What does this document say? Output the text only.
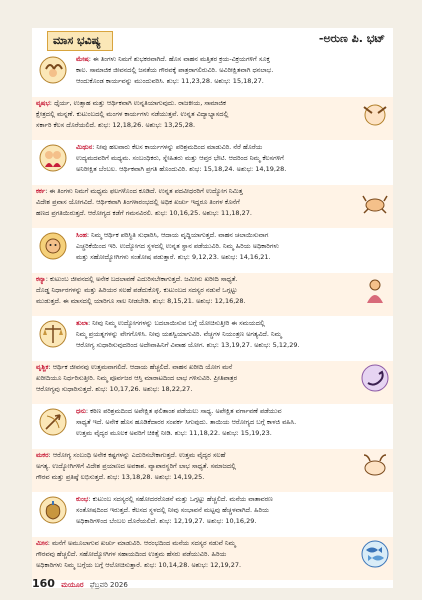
ಮಾಸ ಭವಿಷ್ಯ	-ಅರುಣ ಪಿ. ಭಟ್
ಮೇಷ: ಈ ತಿಂಗಳು ನಿಮಗೆ ಶುಭಕರವಾಗಿದೆ. ಹೊಸ ವಾಹನ ಮತ್ತಿತರ ಕ್ರಯ-ವಿಕ್ರಯಗಳಿಗೆ ಸೂಕ್ತ
ಕಾಲ. ಸಾಮಾಜಿಕ ಜೀವನದಲ್ಲಿ ಜನತೆಯ ಗೌರವಕ್ಕೆ ಪಾತ್ರರಾಗಲಿರುವಿರಿ. ಅವಿರೀಕ್ಷಿತವಾಗಿ ಧನಲಾಭ.
ಆಂದುಕೊಂಡ ಕಾರ್ಯವನ್ನು ಮುಂದುವರಿಸಿ. ಶುಭ: 11,23,28. ಅಶುಭ: 15,18,27.
ವೃಷಭ: ಧೈರ್ಯ, ಉತ್ಸಾಹ ಮತ್ತು ಆರ್ಥಿಕವಾಗಿ ಉನ್ನತಿಯಾಗುವುದು. ರಾಜಕೀಯ, ಸಾಮಾಜಿಕ
ಕ್ಷೇತ್ರದಲ್ಲಿ ಮನ್ನಣೆ. ಕುಟುಂಬದಲ್ಲಿ ಮಂಗಳ ಕಾರ್ಯಗಳು ನಡೆಯುತ್ತವೆ. ಉನ್ನತ ವಿದ್ಯಾಭ್ಯಾಸದಲ್ಲಿ
ಸರ್ಕಾರಿ ಕೆಲಸ ದೊರೆಯಲಿದೆ. ಶುಭ: 12,18,26. ಅಶುಭ: 13,25,28.
ಮಿಥುನ: ನೀವು ಹಲವಾರು ಕೆಲಸ ಕಾರ್ಯಗಳನ್ನು ಪರಿಶ್ರಮದಿಂದ ಮಾಡುವಿರಿ. ನೆರೆ ಹೊರೆಯ
ಉದ್ಯಮದವರಿಗೆ ಮಧ್ಯಮ. ಸಂಬಂಧಿಕರು, ಸ್ನೇಹಿತರು ಮತ್ತು ಆಪ್ತರ ಭೇಟಿ. ಆದರಿಂದ ನಿಮ್ಮ ಕೆಲಸಗಳಿಗೆ
ಅನಿರೀಕ್ಷಿತ ಬೆಂಬಲ. ಆರ್ಥಿಕವಾಗಿ ಪ್ರಗತಿ ಹೊಂದುವಿರಿ. ಶುಭ: 15,18,24. ಅಶುಭ: 14,19,28.
ಕರ್ಕ: ಈ ತಿಂಗಳು ನಿಮಗೆ ಮಧ್ಯಮ ಫಲಗಳೊಂದ ಕೂಡಿದೆ. ಉನ್ನತ ಪದವೀಧರರಿಗೆ ಉದ್ಯೋಗ ನಿಮಿತ್ತ
ವಿದೇಶ ಪ್ರವಾಸ ಯೋಗವಿದೆ. ಆರ್ಥಿಕವಾಗಿ ತಿಂಗಳಾರಂಭದಲ್ಲಿ ಅಧಿಕ ಖರ್ಚು ಇದ್ದರೂ ತಿಂಗಳ ಕೊನೆಗೆ
ಹಣದ ಪ್ರಗತಿಯಿರುತ್ತದೆ. ಆರೋಗ್ಯದ ಕಡೆಗೆ ಗಮನವಿರಲಿ. ಶುಭ: 10,16,25. ಅಶುಭ: 11,18,27.
ಸಿಂಹ: ನಿಮ್ಮ ಆರ್ಥಿಕ ಪರಿಸ್ಥಿತಿ ಸುಧಾರಿಸಿ, ಆದಾಯ ವೃದ್ಧಿಯಾಗುತ್ತದೆ. ವಾಹನ ಚಲಾಯಿಸುವಾಗ
ಎಚ್ಚರಿಕೆಯಿಂದ ಇರಿ. ಉದ್ಯೋಗದ ಸ್ಥಳದಲ್ಲಿ ಉನ್ನತ ಸ್ಥಾನ ಪಡೆಯುವಿರಿ. ನಿಮ್ಮ ಹಿರಿಯ ಅಧಿಕಾರಿಗಳು
ಮತ್ತು ಸಹೋದ್ಯೋಗಿಗಳು ಸಂತೋಷ ಪಡುತ್ತಾರೆ. ಶುಭ: 9,12,23. ಅಶುಭ: 14,16,21.
ಕನ್ಯಾ: ಕುಟುಂಬ ಜೀವನದಲ್ಲಿ ಅನೇಕ ಬದಲಾವಣೆ ಎದುರಿಸಬೇಕಾಗುತ್ತದೆ. ಜಮೀನು ಖರೀದಿ ಸಾಧ್ಯತೆ.
ದೊಡ್ಡ ನಿರ್ಧಾರಗಳನ್ನು ಮತ್ತು ಹಿರಿಯರ ಸಲಹೆ ಪಡೆದುಕೊಳ್ಳಿ. ಕುಟುಂಬದ ಸದಸ್ಯರ ನಡುವೆ ಒಗ್ಗಟ್ಟು
ಮುಡುತ್ತದೆ. ಈ ಮಾಸದಲ್ಲಿ ಯಾರಿಗೂ ಸಾಲ ನೀಡಬೇಡಿ. ಶುಭ: 8,15,21. ಅಶುಭ: 12,16,28.
ತುಲಾ: ನೀವು ನಿಮ್ಮ ಉದ್ಯೋಗಗಳನ್ನು ಬದಲಾಯಿಸುವ ಬಗ್ಗೆ ಯೋಚಿಸುತ್ತೀರಿ ಈ ಸಮಯದಲ್ಲಿ
ನಿಮ್ಮ ಪ್ರಯತ್ನಗಳನ್ನು ವೇಗಗೊಳಿಸಿ. ನೀವು ಯಶಸ್ವಿಯಾಗುವಿರಿ. ವೆಚ್ಚಗಳ ನಿಯಂತ್ರಣ ಅಗತ್ಯವಿದೆ. ನಿಮ್ಮ
ಆರೋಗ್ಯ ಸುಧಾರಿಸುವುದರಿಂದ ಅದೇವಾಹಿನಿಗೆ ವಿವಾಹ ಯೋಗ. ಶುಭ: 13,19,27. ಅಶುಭ: 5,12,29.
ವೃಶ್ಚಿಕ: ಆರ್ಥಿಕ ಜೀವನವು ಉತ್ತಮವಾಗಲಿದೆ. ಆದಾಯ ಹೆಚ್ಚಲಿದೆ. ವಾಹನ ಖರೀದಿ ಯೋಗ ಮನೆ
ಖರೀದಿಯೂ ನಿರ್ಧರಿಸುತ್ತೀರಿ. ನಿಮ್ಮ ಪೂರ್ವಜರ ಆಸ್ತಿ ಮಾರಾಟದಿಂದ ಲಾಭ ಗಳಿಸುವಿರಿ. ಪ್ರೀತಿಪಾತ್ರರ
ಆರೋಗ್ಯವು ಸುಧಾರಿಸುತ್ತದೆ. ಶುಭ: 10,17,26. ಅಶುಭ: 18,22,27.
ಧನು: ಕಠಿಣ ಪರಿಶ್ರಮದಿಂದ ಅಪೇಕ್ಷಿತ ಫಲಿತಾಂಶ ಪಡೆಯಲು ಸಾಧ್ಯ. ಅಪೇಕ್ಷಿತ ವರ್ಗಾವಣೆ ಪಡೆಯುವ
ಸಾಧ್ಯತೆ ಇದೆ. ಅನೇಕ ಹೊಸ ಹೂಡಿಕೆದಾರರ ಸಂಪರ್ಕ ಸಿಗುವುದು. ತಾಯಿಯ ಆರೋಗ್ಯದ ಬಗ್ಗೆ ಕಾಳಜಿ ವಹಿಸಿ.
ಉತ್ತಮ ವೈದ್ಯರ ಮೂಲಕ ಅವರಿಗೆ ಚಿಕಿತ್ಸೆ ನೀಡಿ. ಶುಭ: 11,18,22. ಅಶುಭ: 15,19,23.
ಮಕರ: ಆರೋಗ್ಯ ಸಂಬಂಧಿ ಅನೇಕ ಕಷ್ಟಗಳನ್ನು ಎದುರಿಸಬೇಕಾಗುತ್ತದೆ. ಉತ್ತಮ ವೈದ್ಯರ ಸಲಹೆ
ಅಗತ್ಯ. ಉದ್ಯೋಗಿಗಳಿಗೆ ವಿದೇಶ ಪ್ರಯಾಣದ ಅವಕಾಶ. ವ್ಯಾಪಾರಸ್ಥರಿಗೆ ಲಾಭ ಸಾಧ್ಯತೆ. ಸಮಾಜದಲ್ಲಿ
ಗೌರವ ಮತ್ತು ಪ್ರತಿಷ್ಠೆ ಲಭಿಸುತ್ತದೆ. ಶುಭ: 13,18,28. ಅಶುಭ: 14,19,25.
ಕುಂಭ: ಕುಟುಂಬ ಸದಸ್ಯರಲ್ಲಿ ಸಹೋದರರೊಡನೆ ಮತ್ತು ಒಗ್ಗಟ್ಟು ಹೆಚ್ಚಲಿದೆ. ಮನೆಯ ವಾತಾವರಣ
ಸಂತೋಷದಿಂದ ಇರುತ್ತದೆ. ಕೆಲಸದ ಸ್ಥಳದಲ್ಲಿ ನೀವು ಸಂಭಾವನೆ ಮಟ್ಟವು ಹೆಚ್ಚಳವಾಗಿದೆ. ಹಿರಿಯ
ಅಧಿಕಾರಿಗಳಿಂದ ಬೆಂಬಲ ದೊರೆಯಲಿದೆ. ಶುಭ: 12,19,27. ಅಶುಭ: 10,16,29.
ಮೀನ: ಮನೆಗೆ ಅಮೂಲಾಗುವ ಖರ್ಚು ಮಾಡುವಿರಿ. ಆರಂಭದಿಂದ ಮನೆಯ ಸದಸ್ಯರ ನಡುವೆ ನಿಮ್ಮ
ಗೌರವವು ಹೆಚ್ಚಲಿದೆ. ಸಹೋದ್ಯೋಗಿಗಳ ಸಹಾಯದಿಂದ ಉತ್ತಮ ಹೆಸರು ಪಡೆಯುವಿರಿ. ಹಿರಿಯ
ಅಧಿಕಾರಿಗಳು ನಿಮ್ಮ ಬಗ್ಗೆಯ ಬಗ್ಗೆ ಆಲೋಚಿಸುತ್ತಾರೆ. ಶುಭ: 10,14,28. ಅಶುಭ: 12,19,27.
160 ಮಯೂರ ಫೆಬ್ರವರಿ 2026
